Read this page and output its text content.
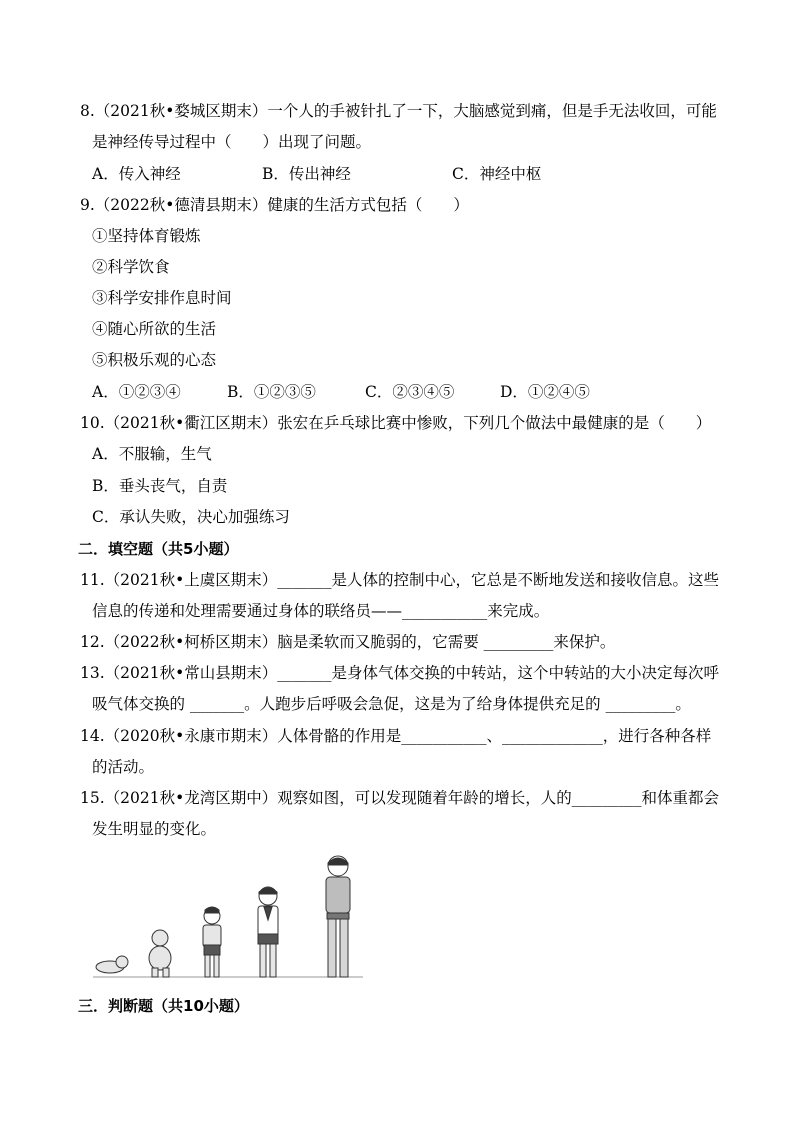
8.（2021秋•婺城区期末）一个人的手被针扎了一下，大脑感觉到痛，但是手无法收回，可能
是神经传导过程中（　　）出现了问题。
A．传入神经	B．传出神经	C．神经中枢
9.（2022秋•德清县期末）健康的生活方式包括（　　）
①坚持体育锻炼
②科学饮食
③科学安排作息时间
④随心所欲的生活
⑤积极乐观的心态
A．①②③④	B．①②③⑤	C．②③④⑤	D．①②④⑤
10.（2021秋•衢江区期末）张宏在乒乓球比赛中惨败，下列几个做法中最健康的是（　　）
A．不服输，生气
B．垂头丧气，自责
C．承认失败，决心加强练习
二．填空题（共5小题）
11.（2021秋•上虞区期末）_______是人体的控制中心，它总是不断地发送和接收信息。这些
信息的传递和处理需要通过身体的联络员——___________来完成。
12.（2022秋•柯桥区期末）脑是柔软而又脆弱的，它需要 _________来保护。
13.（2021秋•常山县期末）_______是身体气体交换的中转站，这个中转站的大小决定每次呼
吸气体交换的 _______。人跑步后呼吸会急促，这是为了给身体提供充足的 _________。
14.（2020秋•永康市期末）人体骨骼的作用是___________、_____________，进行各种各样
的活动。
15.（2021秋•龙湾区期中）观察如图，可以发现随着年龄的增长，人的_________和体重都会
发生明显的变化。
三．判断题（共10小题）
